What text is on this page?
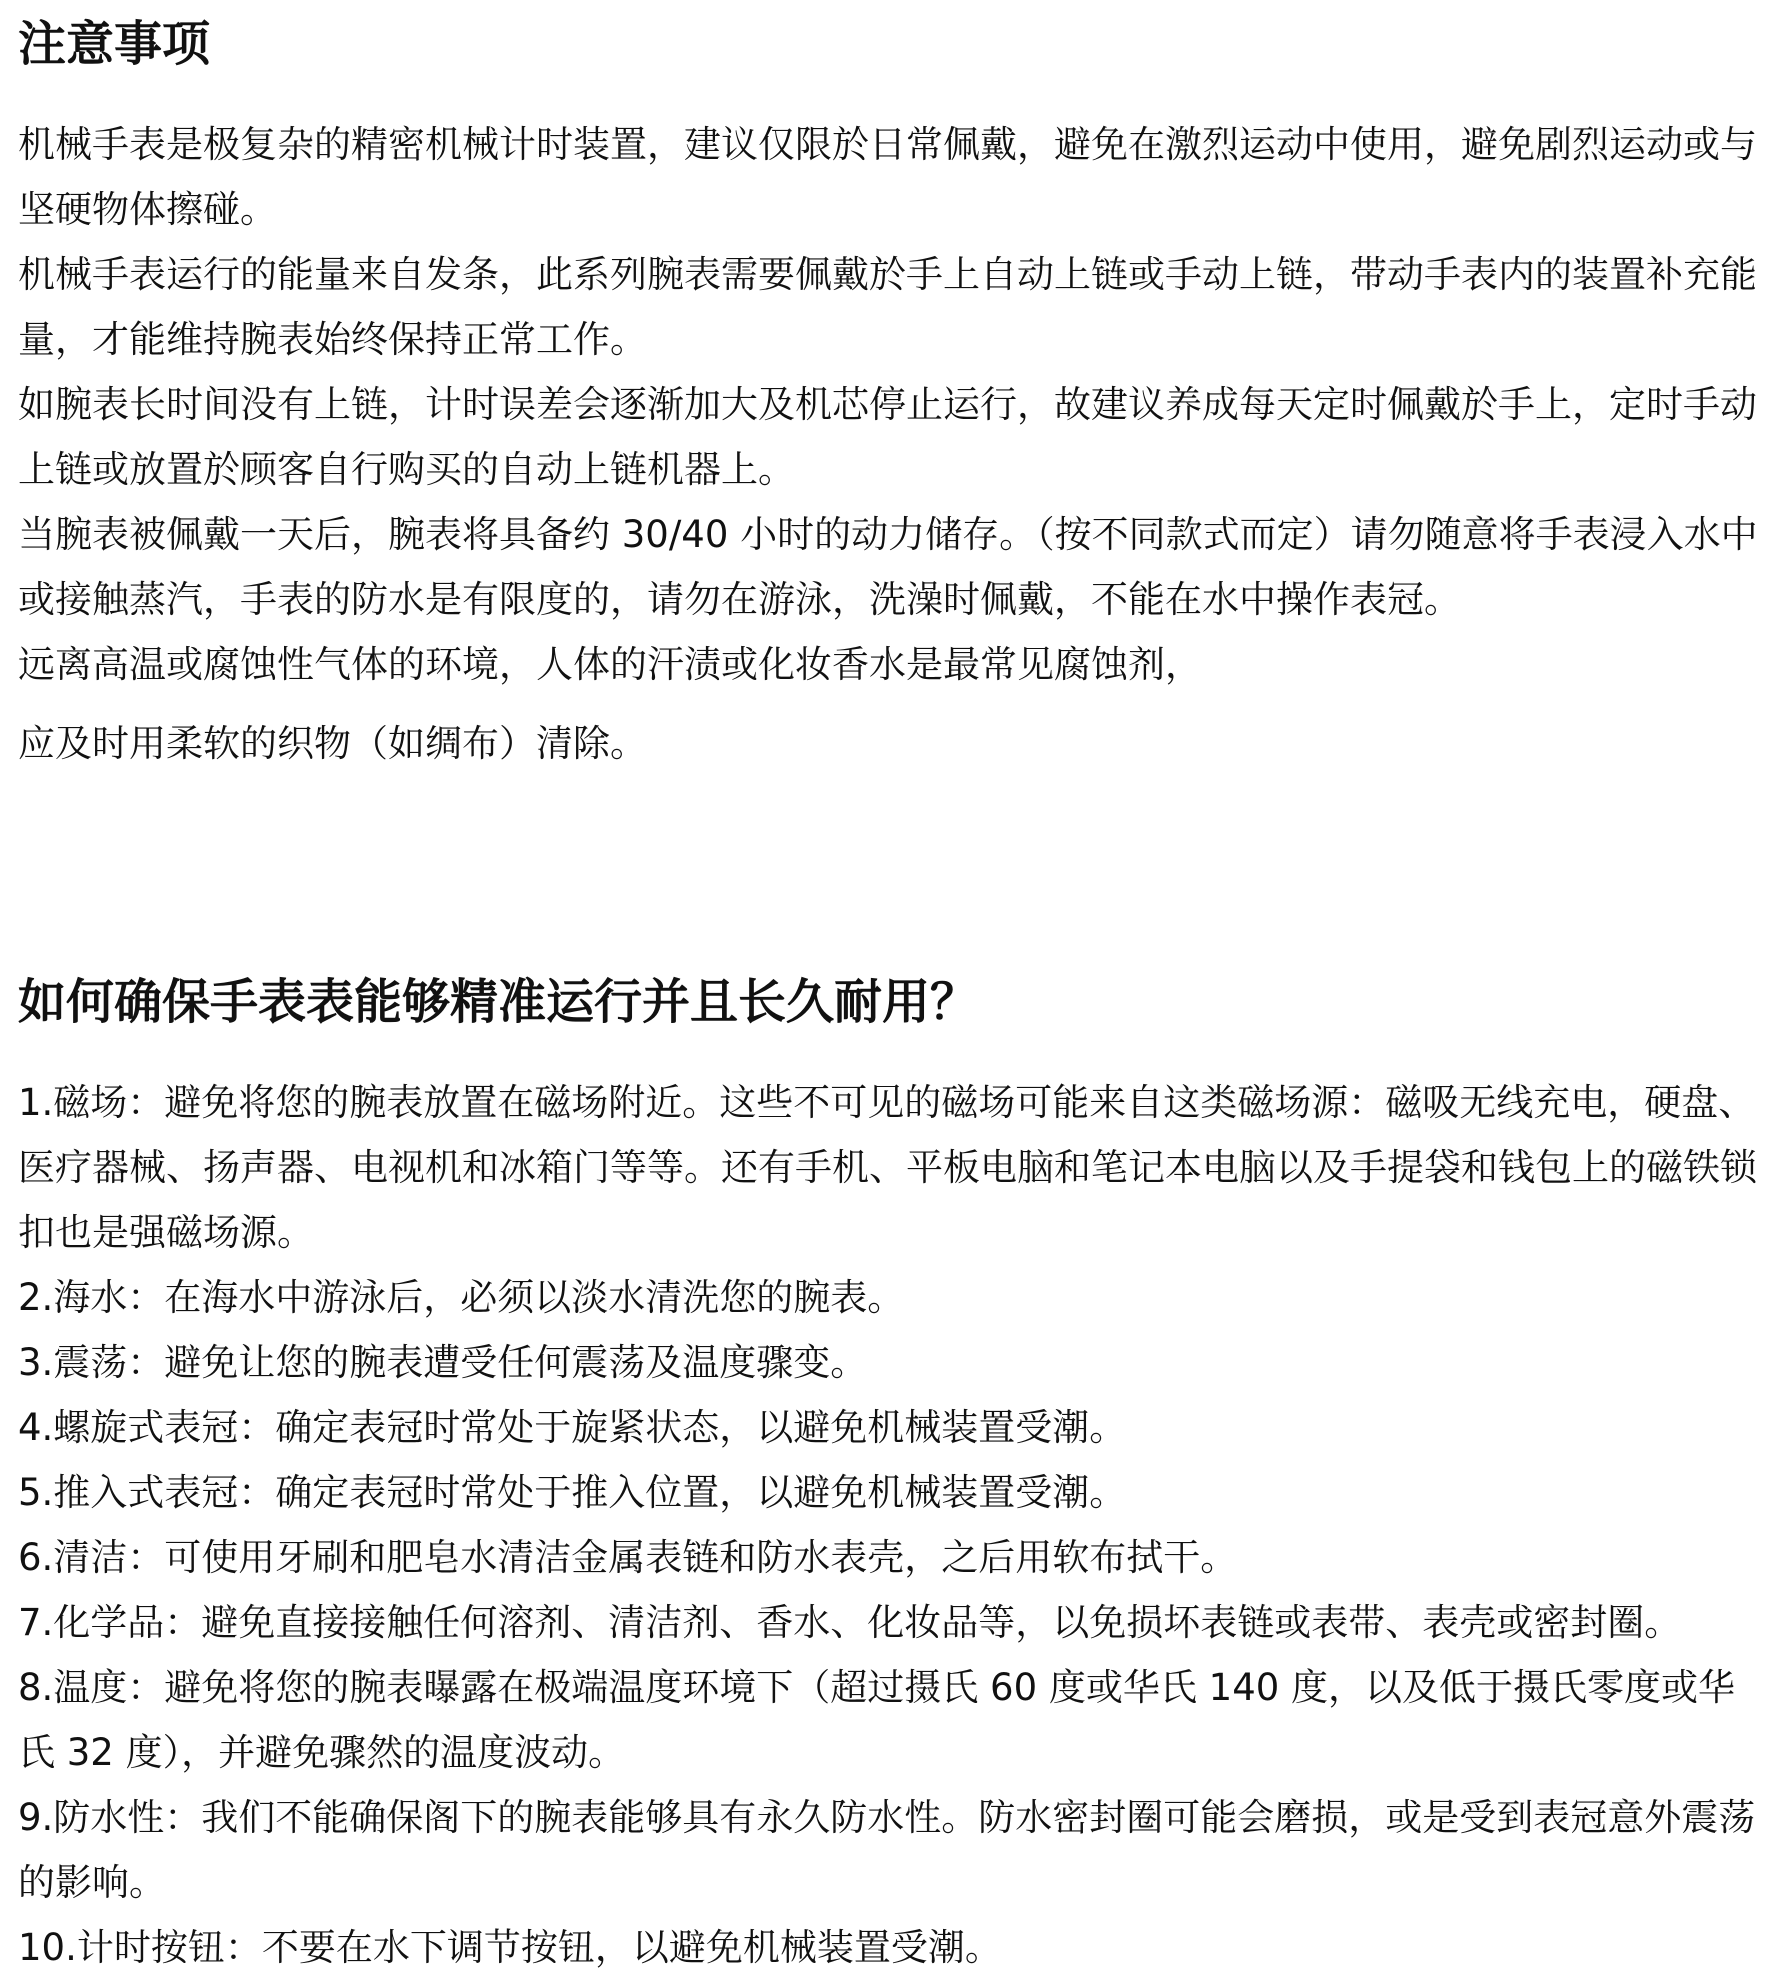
注意事项

机械手表是极复杂的精密机械计时装置，建议仅限於日常佩戴，避免在激烈运动中使用，避免剧烈运动或与坚硬物体擦碰。

机械手表运行的能量来自发条，此系列腕表需要佩戴於手上自动上链或手动上链，带动手表内的装置补充能量，才能维持腕表始终保持正常工作。

如腕表长时间没有上链，计时误差会逐渐加大及机芯停止运行，故建议养成每天定时佩戴於手上，定时手动上链或放置於顾客自行购买的自动上链机器上。

当腕表被佩戴一天后，腕表将具备约 30/40 小时的动力储存。（按不同款式而定）请勿随意将手表浸入水中或接触蒸汽，手表的防水是有限度的，请勿在游泳，洗澡时佩戴，不能在水中操作表冠。

远离高温或腐蚀性气体的环境，人体的汗渍或化妆香水是最常见腐蚀剂，

应及时用柔软的织物（如绸布）清除。

如何确保手表表能够精准运行并且长久耐用？

1.磁场：避免将您的腕表放置在磁场附近。这些不可见的磁场可能来自这类磁场源：磁吸无线充电，硬盘、医疗器械、扬声器、电视机和冰箱门等等。还有手机、平板电脑和笔记本电脑以及手提袋和钱包上的磁铁锁扣也是强磁场源。

2.海水：在海水中游泳后，必须以淡水清洗您的腕表。

3.震荡：避免让您的腕表遭受任何震荡及温度骤变。

4.螺旋式表冠：确定表冠时常处于旋紧状态，以避免机械装置受潮。

5.推入式表冠：确定表冠时常处于推入位置，以避免机械装置受潮。

6.清洁：可使用牙刷和肥皂水清洁金属表链和防水表壳，之后用软布拭干。

7.化学品：避免直接接触任何溶剂、清洁剂、香水、化妆品等，以免损坏表链或表带、表壳或密封圈。

8.温度：避免将您的腕表曝露在极端温度环境下（超过摄氏 60 度或华氏 140 度，以及低于摄氏零度或华氏 32 度），并避免骤然的温度波动。

9.防水性：我们不能确保阁下的腕表能够具有永久防水性。防水密封圈可能会磨损，或是受到表冠意外震荡的影响。

10.计时按钮：不要在水下调节按钮，以避免机械装置受潮。
